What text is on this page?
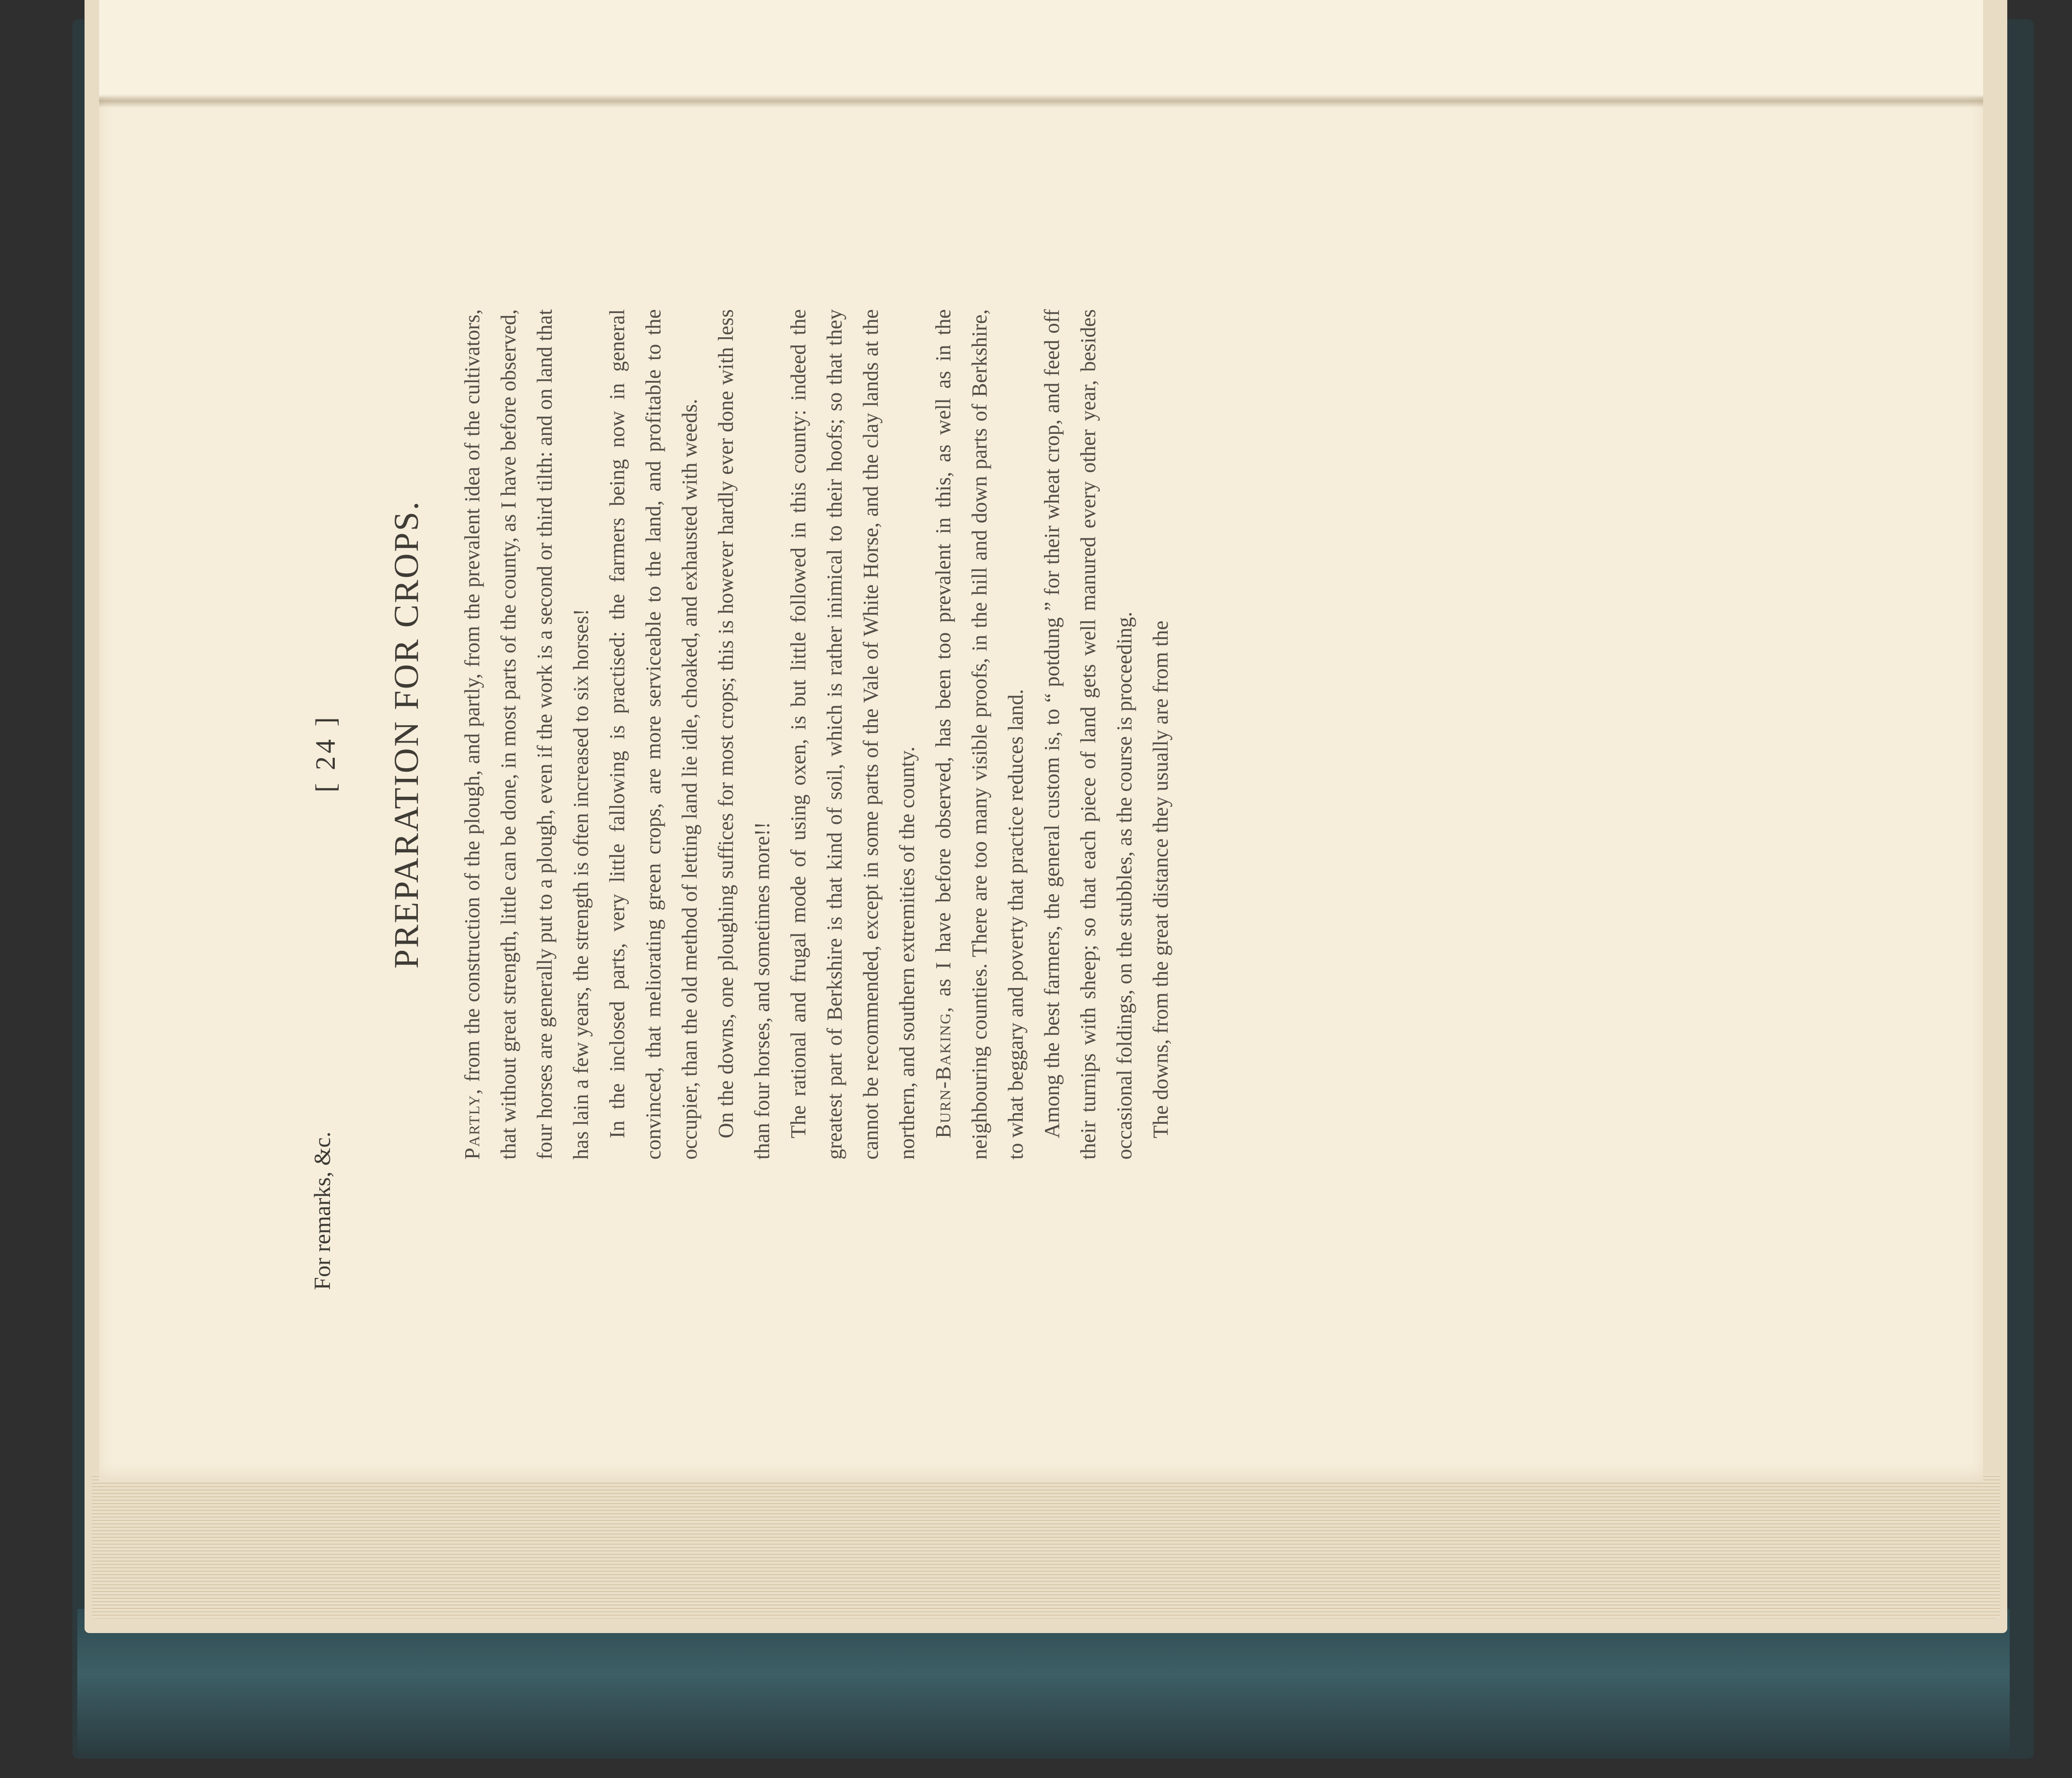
For remarks, &c.
[ 24 ] PREPARATION FOR CROPS.

Partly, from the construction of the plough, and partly, from the prevalent idea of the cultivators, that without great strength, little can be done, in most parts of the county, as I have before observed, four horses are generally put to a plough, even if the work is a second or third tilth: and on land that has lain a few years, the strength is often increased to six horses! In the inclosed parts, very little fallowing is practised: the farmers being now in general convinced, that meliorating green crops, are more serviceable to the land, and profitable to the occupier, than the old method of letting land lie idle, choaked, and exhausted with weeds. On the downs, one ploughing suffices for most crops; this is however hardly ever done with less than four horses, and sometimes more!! The rational and frugal mode of using oxen, is but little followed in this county: indeed the greatest part of Berkshire is that kind of soil, which is rather inimical to their hoofs; so that they cannot be recommended, except in some parts of the Vale of White Horse, and the clay lands at the northern, and southern extremities of the county. Burn-Baking, as I have before observed, has been too prevalent in this, as well as in the neighbouring counties. There are too many visible proofs, in the hill and down parts of Berkshire, to what beggary and poverty that practice reduces land. Among the best farmers, the general custom is, to “ potdung ” for their wheat crop, and feed off their turnips with sheep; so that each piece of land gets well manured every other year, besides occasional foldings, on the stubbles, as the course is proceeding. The downs, from the great distance they usually are from the
